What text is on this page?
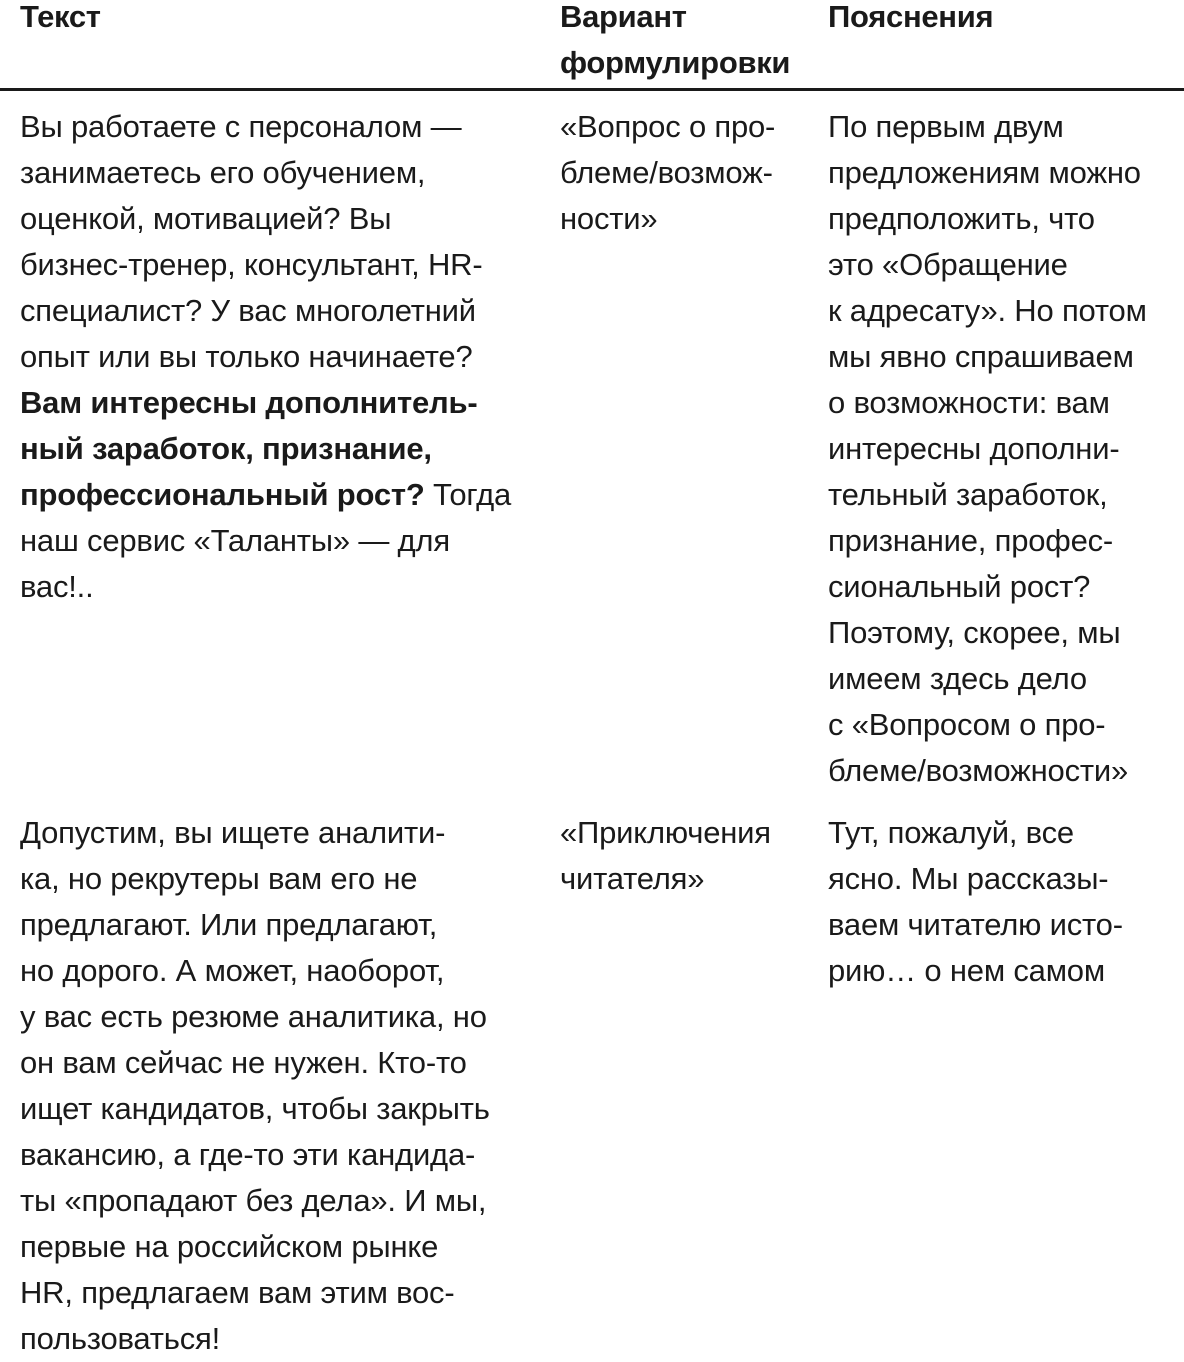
Текст	Вариант
формулировки
Пояснения
Вы работаете с персоналом —
занимаетесь его обучением,
оценкой, мотивацией? Вы
бизнес-тренер, консультант, HR-
специалист? У вас многолетний
опыт или вы только начинаете?
Вам интересны дополнитель-
ный заработок, признание,
профессиональный рост? Тогда
наш сервис «Таланты» — для
вас!..
«Вопрос о про-
блеме/возмож-
ности»
По первым двум
предложениям можно
предположить, что
это «Обращение
к адресату». Но потом
мы явно спрашиваем
о возможности: вам
интересны дополни-
тельный заработок,
признание, профес-
сиональный рост?
Поэтому, скорее, мы
имеем здесь дело
с «Вопросом о про-
блеме/возможности»
Допустим, вы ищете аналити-
ка, но рекрутеры вам его не
предлагают. Или предлагают,
но дорого. А может, наоборот,
у вас есть резюме аналитика, но
он вам сейчас не нужен. Кто-то
ищет кандидатов, чтобы закрыть
вакансию, а где-то эти кандида-
ты «пропадают без дела». И мы,
первые на российском рынке
HR, предлагаем вам этим вос-
пользоваться!
«Приключения
читателя»
Тут, пожалуй, все
ясно. Мы рассказы-
ваем читателю исто-
рию… о нем самом
